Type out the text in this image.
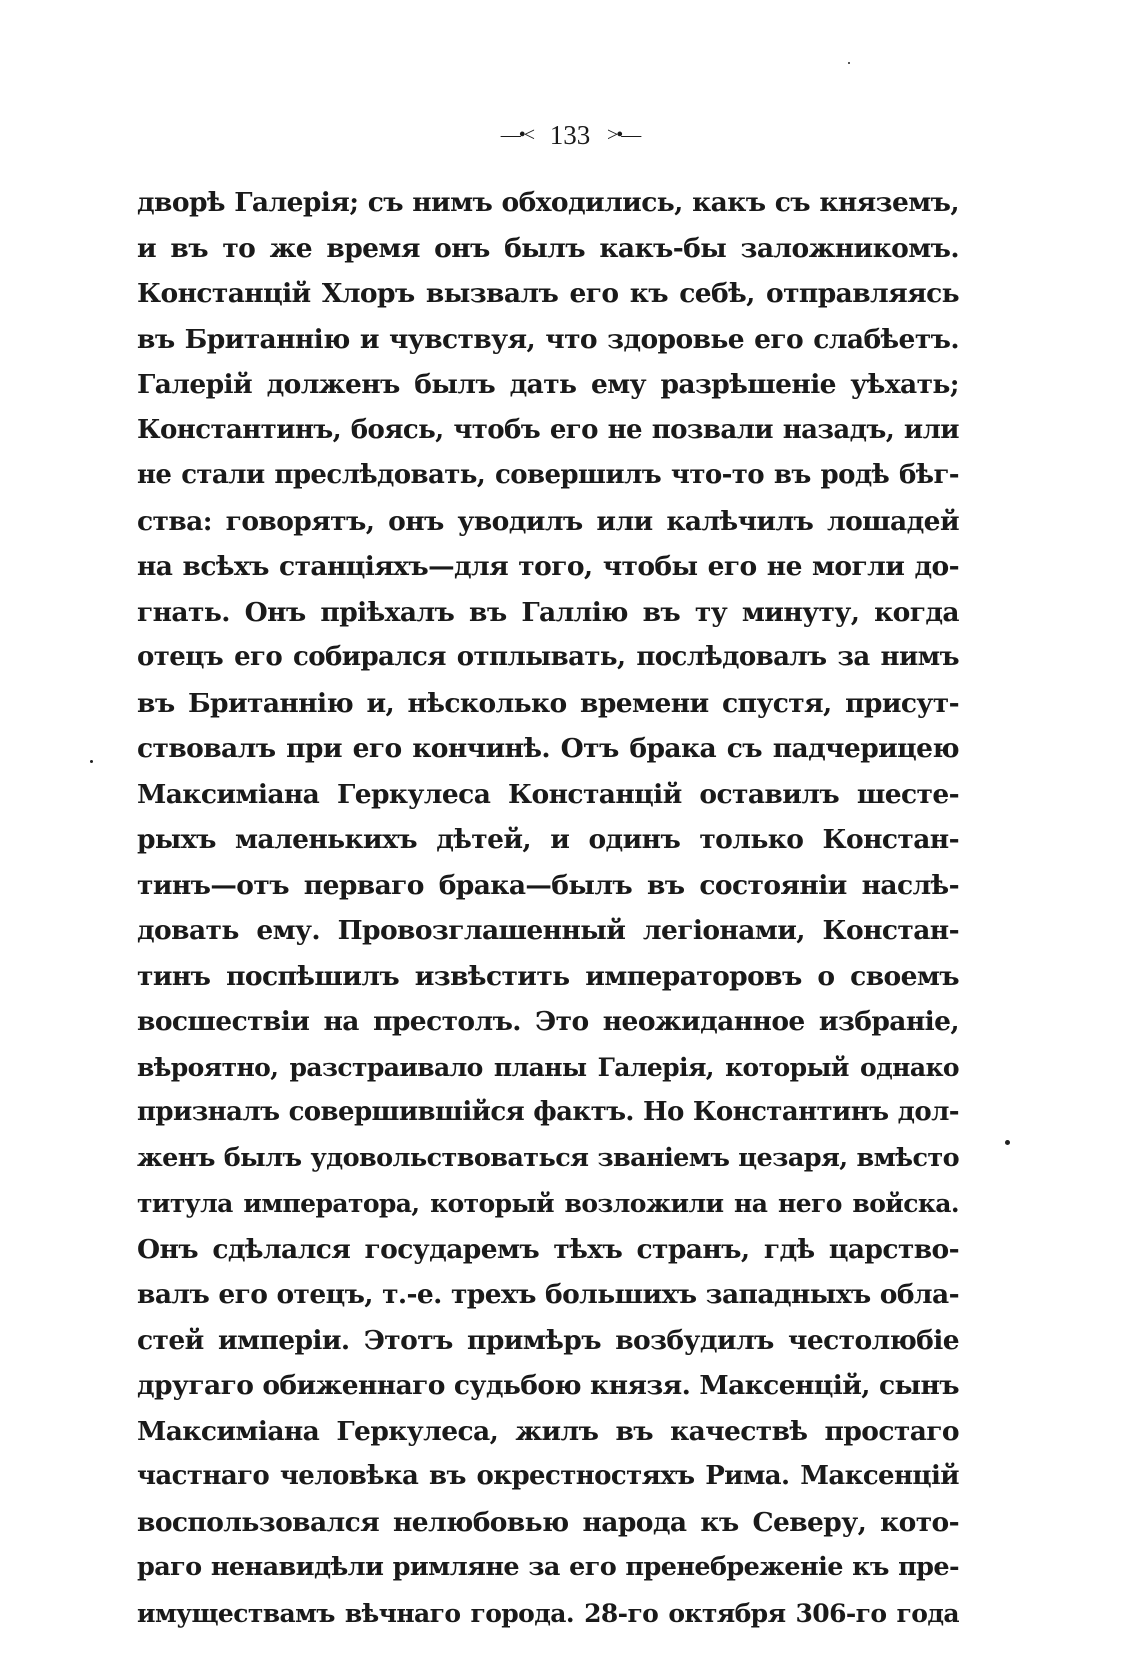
—•< 133 >•—
дворѣ Галерія; съ нимъ обходились, какъ съ княземъ,
и въ то же время онъ былъ какъ-бы заложникомъ.
Констанцій Хлоръ вызвалъ его къ себѣ, отправляясь
въ Британнію и чувствуя, что здоровье его слабѣетъ.
Галерій долженъ былъ дать ему разрѣшеніе уѣхать;
Константинъ, боясь, чтобъ его не позвали назадъ, или
не стали преслѣдовать, совершилъ что-то въ родѣ бѣг-
ства: говорятъ, онъ уводилъ или калѣчилъ лошадей
на всѣхъ станціяхъ—для того, чтобы его не могли до-
гнать. Онъ пріѣхалъ въ Галлію въ ту минуту, когда
отецъ его собирался отплывать, послѣдовалъ за нимъ
въ Британнію и, нѣсколько времени спустя, присут-
ствовалъ при его кончинѣ. Отъ брака съ падчерицею
Максиміана Геркулеса Констанцій оставилъ шесте-
рыхъ маленькихъ дѣтей, и одинъ только Констан-
тинъ—отъ перваго брака—былъ въ состояніи наслѣ-
довать ему. Провозглашенный легіонами, Констан-
тинъ поспѣшилъ извѣстить императоровъ о своемъ
восшествіи на престолъ. Это неожиданное избраніе,
вѣроятно, разстраивало планы Галерія, который однако
призналъ совершившійся фактъ. Но Константинъ дол-
женъ былъ удовольствоваться званіемъ цезаря, вмѣсто
титула императора, который возложили на него войска.
Онъ сдѣлался государемъ тѣхъ странъ, гдѣ царство-
валъ его отецъ, т.-е. трехъ большихъ западныхъ обла-
стей имперіи. Этотъ примѣръ возбудилъ честолюбіе
другаго обиженнаго судьбою князя. Максенцій, сынъ
Максиміана Геркулеса, жилъ въ качествѣ простаго
частнаго человѣка въ окрестностяхъ Рима. Максенцій
воспользовался нелюбовью народа къ Северу, кото-
раго ненавидѣли римляне за его пренебреженіе къ пре-
имуществамъ вѣчнаго города. 28-го октября 306-го года
